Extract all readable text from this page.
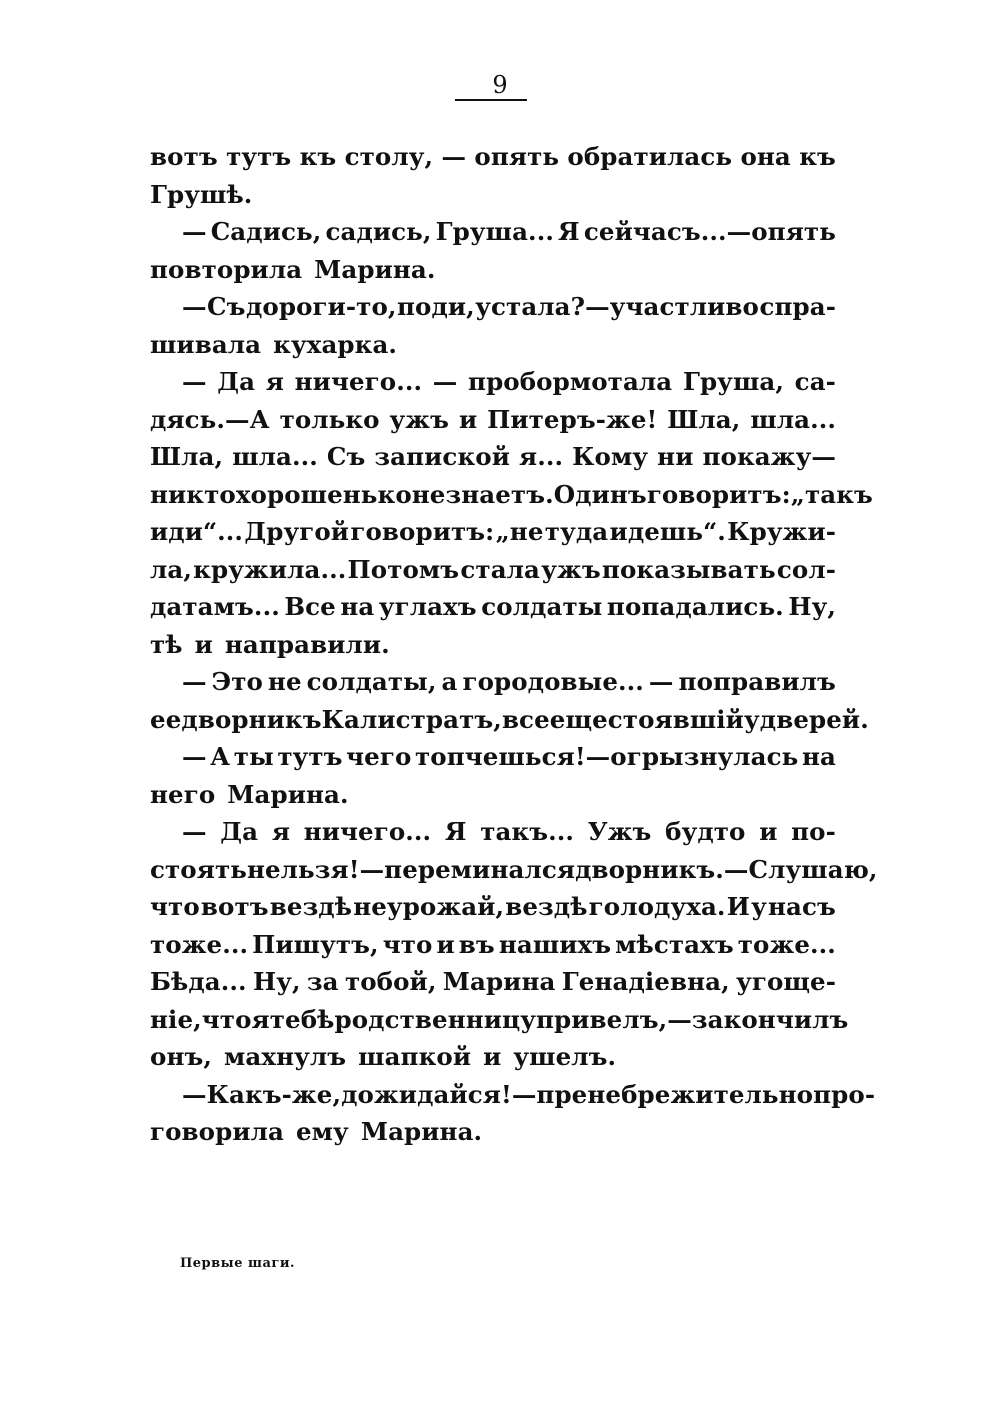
9
вотъ тутъ къ столу, — опять обратилась она къ
Грушѣ.
— Садись, садись, Груша... Я сейчасъ...—опять
повторила Марина.
— Съ дороги-то, поди, устала?—участливо спра-
шивала кухарка.
— Да я ничего... — пробормотала Груша, са-
дясь.—А только ужъ и Питеръ-же! Шла, шла...
Шла, шла... Съ запиской я... Кому ни покажу—
никто хорошенько не знаетъ. Одинъ говоритъ: „такъ
иди“... Другой говоритъ: „не туда идешь“. Кружи-
ла, кружила... Потомъ стала ужъ показывать сол-
датамъ... Все на углахъ солдаты попадались. Ну,
тѣ и направили.
— Это не солдаты, а городовые... — поправилъ
ее дворникъ Калистратъ, все еще стоявшій у дверей.
— А ты тутъ чего топчешься!—огрызнулась на
него Марина.
— Да я ничего... Я такъ... Ужъ будто и по-
стоять нельзя!—переминался дворникъ. — Слушаю,
что вотъ вездѣ неурожай, вездѣ голодуха. И у насъ
тоже... Пишутъ, что и въ нашихъ мѣстахъ тоже...
Бѣда... Ну, за тобой, Марина Генадіевна, угоще-
ніе, что я тебѣ родственницу привелъ,—закончилъ
онъ, махнулъ шапкой и ушелъ.
— Какъ-же, дожидайся!—пренебрежительно про-
говорила ему Марина.
Первые шаги.
